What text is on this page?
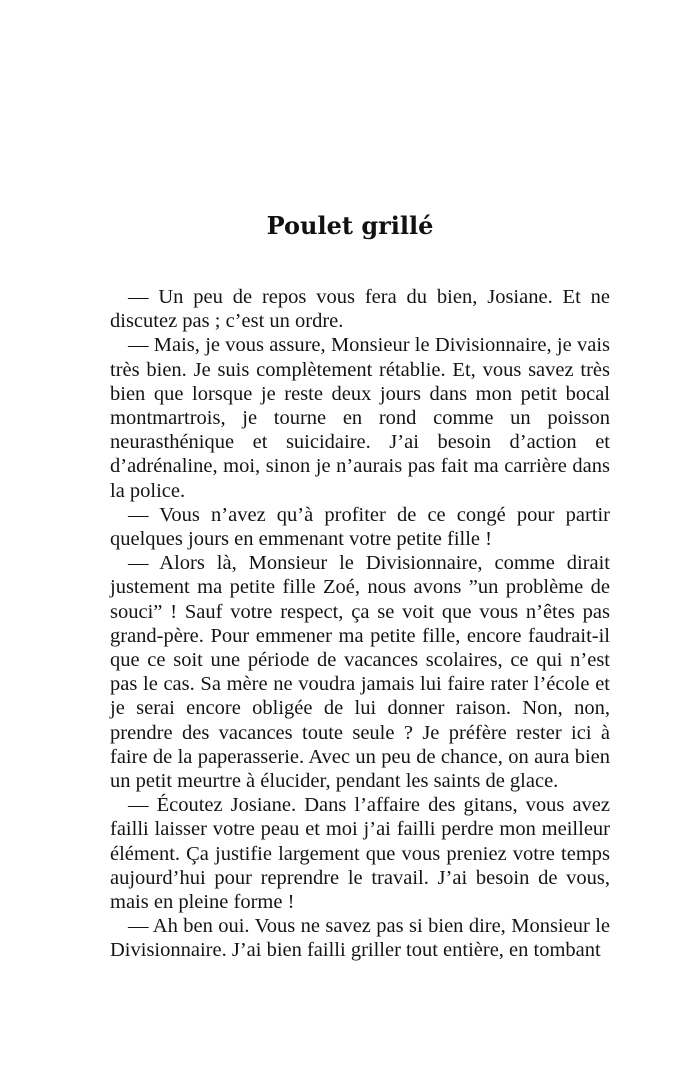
Poulet grillé

— Un peu de repos vous fera du bien, Josiane. Et ne discutez pas ; c’est un ordre.

— Mais, je vous assure, Monsieur le Divisionnaire, je vais très bien. Je suis complètement rétablie. Et, vous savez très bien que lorsque je reste deux jours dans mon petit bocal montmartrois, je tourne en rond comme un poisson neurasthénique et suicidaire. J’ai besoin d’action et d’adrénaline, moi, sinon je n’aurais pas fait ma carrière dans la police.

— Vous n’avez qu’à profiter de ce congé pour partir quelques jours en emmenant votre petite fille !

— Alors là, Monsieur le Divisionnaire, comme dirait justement ma petite fille Zoé, nous avons ”un problème de souci” ! Sauf votre respect, ça se voit que vous n’êtes pas grand-père. Pour emmener ma petite fille, encore faudrait-il que ce soit une période de vacances scolaires, ce qui n’est pas le cas. Sa mère ne voudra jamais lui faire rater l’école et je serai encore obligée de lui donner raison. Non, non, prendre des vacances toute seule ? Je préfère rester ici à faire de la paperasserie. Avec un peu de chance, on aura bien un petit meurtre à élucider, pendant les saints de glace.

— Écoutez Josiane. Dans l’affaire des gitans, vous avez failli laisser votre peau et moi j’ai failli perdre mon meilleur élément. Ça justifie largement que vous preniez votre temps aujourd’hui pour reprendre le travail. J’ai besoin de vous, mais en pleine forme !

— Ah ben oui. Vous ne savez pas si bien dire, Monsieur le Divisionnaire. J’ai bien failli griller tout entière, en tombant
